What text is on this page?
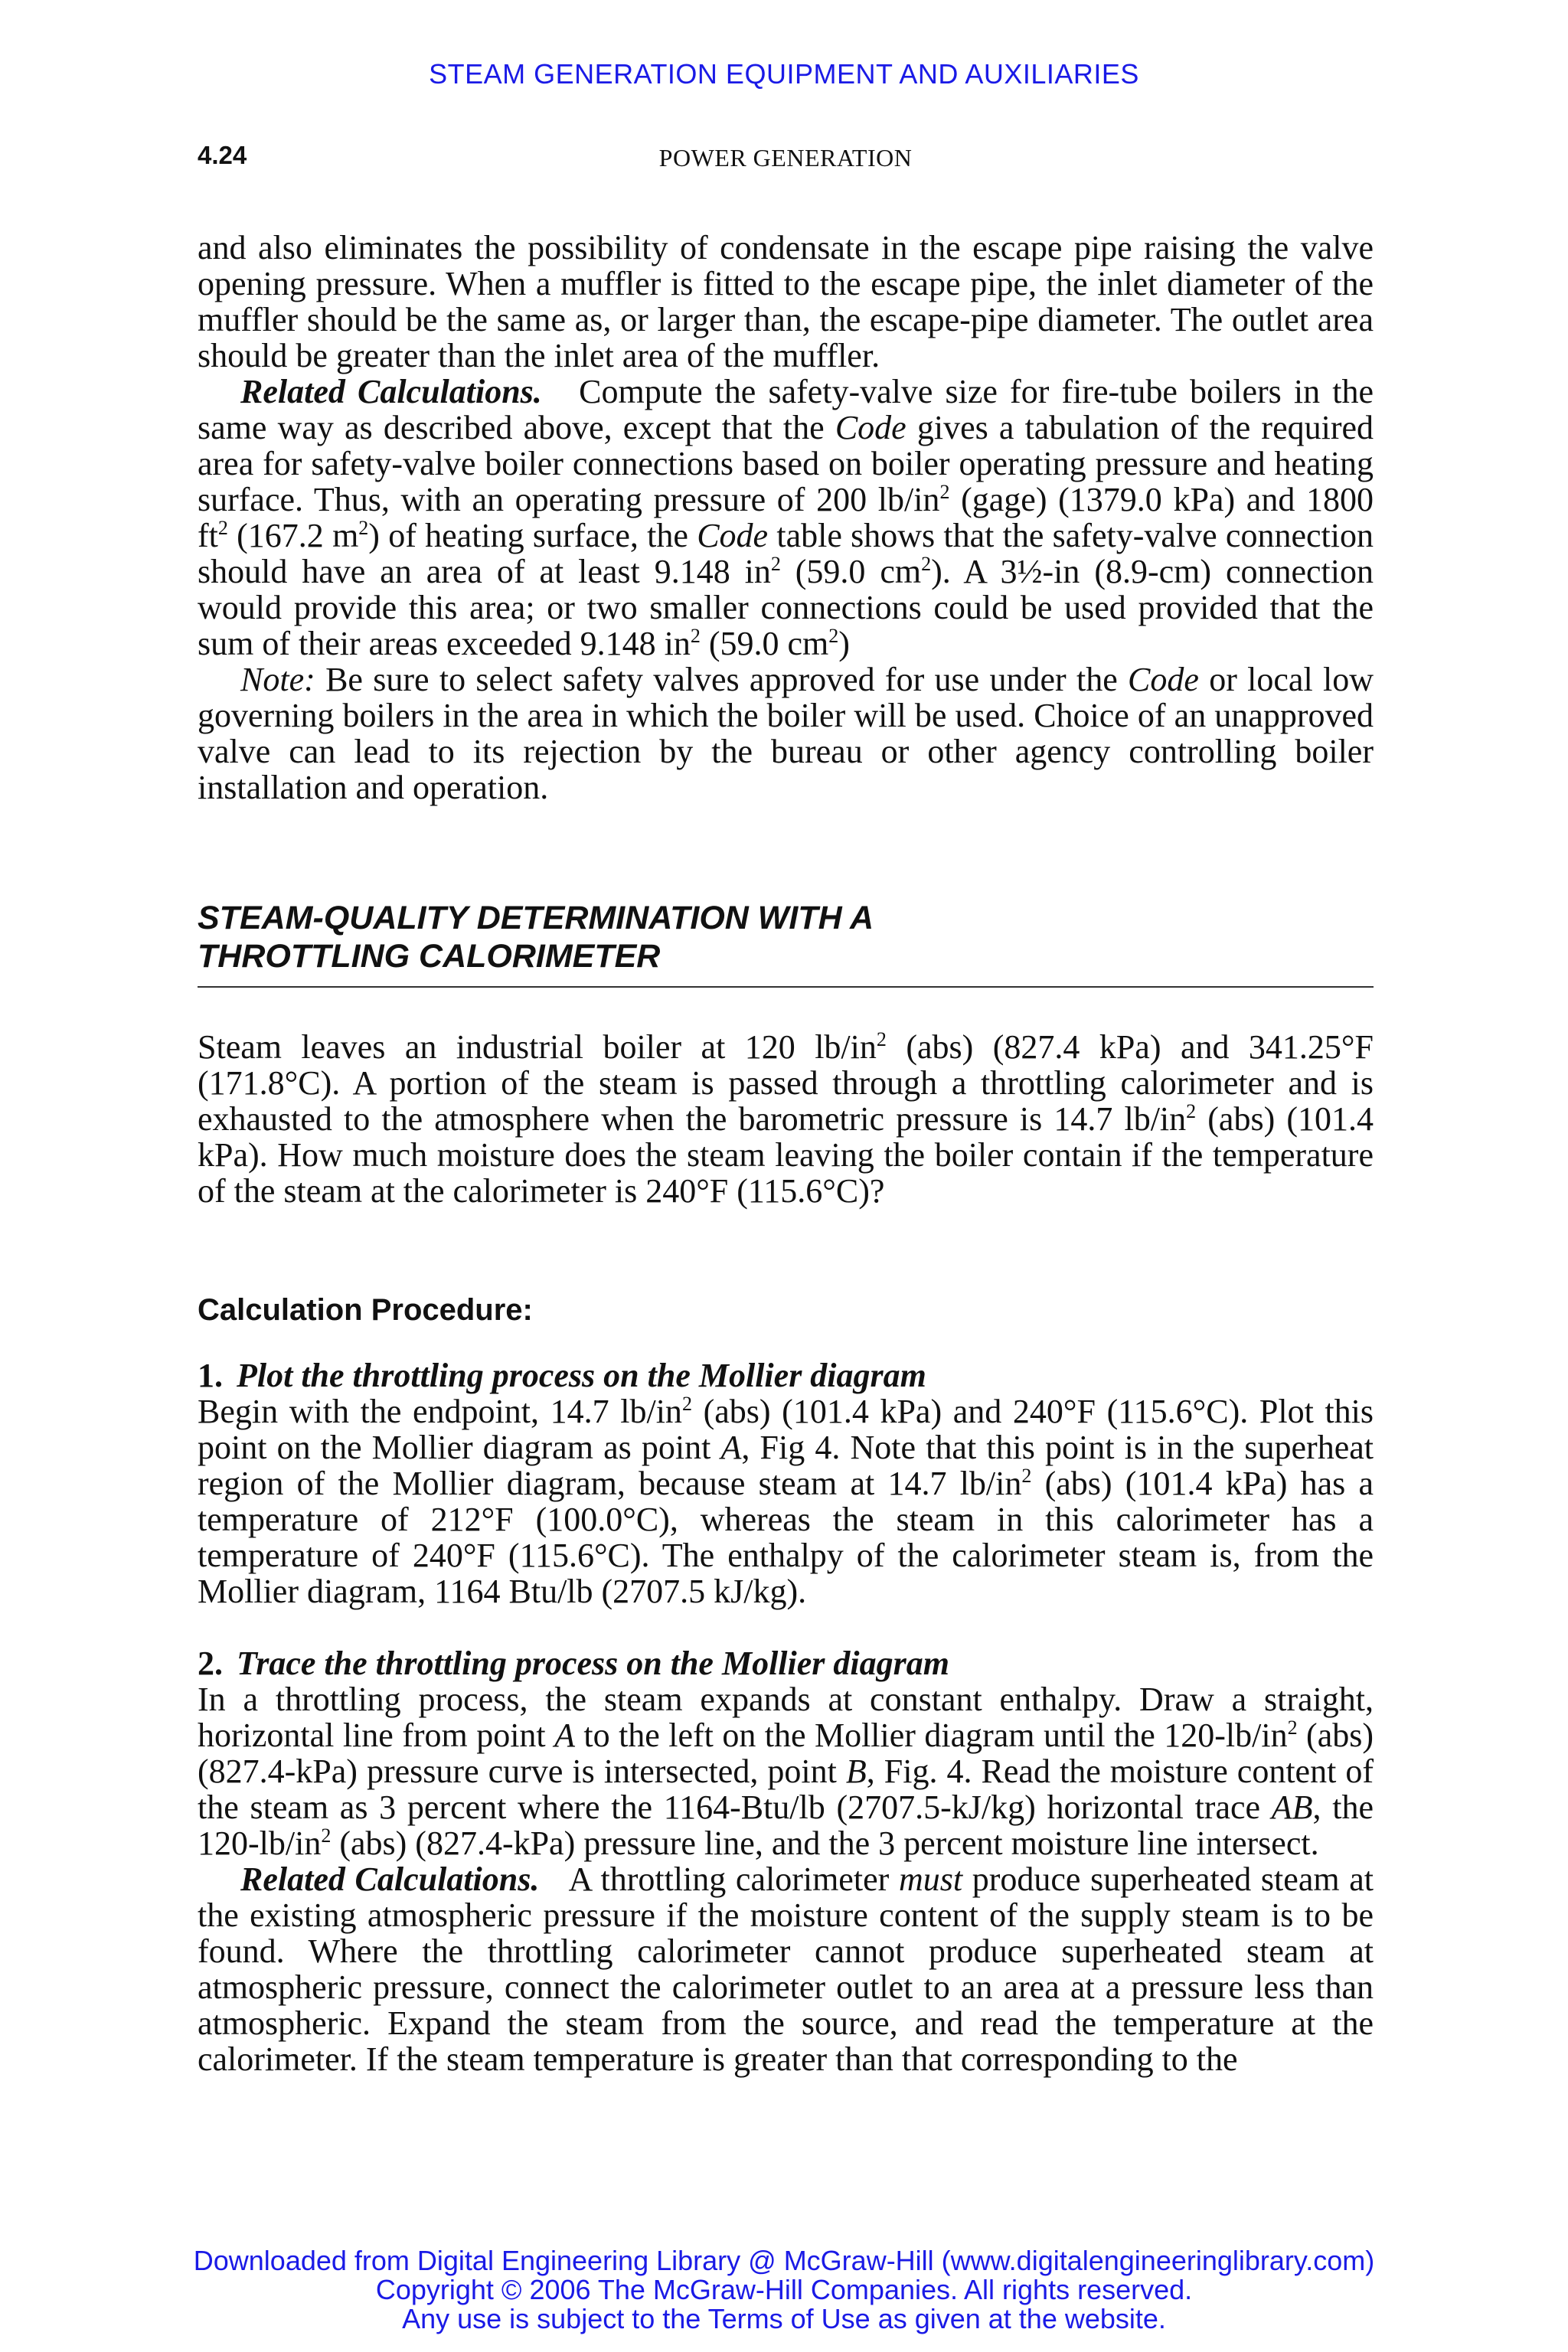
STEAM GENERATION EQUIPMENT AND AUXILIARIES
4.24	POWER GENERATION

and also eliminates the possibility of condensate in the escape pipe raising the valve opening pressure. When a muffler is fitted to the escape pipe, the inlet diameter of the muffler should be the same as, or larger than, the escape-pipe diameter. The outlet area should be greater than the inlet area of the muffler.

Related Calculations. Compute the safety-valve size for fire-tube boilers in the same way as described above, except that the Code gives a tabulation of the required area for safety-valve boiler connections based on boiler operating pressure and heating surface. Thus, with an operating pressure of 200 $lb/in^2$ (gage) (1379.0 kPa) and 1800 $ft^2$ (167.2 $m^2$) of heating surface, the Code table shows that the safety-valve connection should have an area of at least 9.148 $in^2$ (59.0 $cm^2$). A 3½-in (8.9-cm) connection would provide this area; or two smaller connections could be used provided that the sum of their areas exceeded 9.148 $in^2$ (59.0 $cm^2$)

Note: Be sure to select safety valves approved for use under the Code or local low governing boilers in the area in which the boiler will be used. Choice of an unapproved valve can lead to its rejection by the bureau or other agency controlling boiler installation and operation.

STEAM-QUALITY DETERMINATION WITH A
THROTTLING CALORIMETER

Steam leaves an industrial boiler at 120 $lb/in^2$ (abs) (827.4 kPa) and 341.25°F (171.8°C). A portion of the steam is passed through a throttling calorimeter and is exhausted to the atmosphere when the barometric pressure is 14.7 $lb/in^2$ (abs) (101.4 kPa). How much moisture does the steam leaving the boiler contain if the temperature of the steam at the calorimeter is 240°F (115.6°C)?

Calculation Procedure:
1. Plot the throttling process on the Mollier diagram

Begin with the endpoint, 14.7 $lb/in^2$ (abs) (101.4 kPa) and 240°F (115.6°C). Plot this point on the Mollier diagram as point A, Fig 4. Note that this point is in the superheat region of the Mollier diagram, because steam at 14.7 $lb/in^2$ (abs) (101.4 kPa) has a temperature of 212°F (100.0°C), whereas the steam in this calorimeter has a temperature of 240°F (115.6°C). The enthalpy of the calorimeter steam is, from the Mollier diagram, 1164 Btu/lb (2707.5 kJ/kg).

2. Trace the throttling process on the Mollier diagram

In a throttling process, the steam expands at constant enthalpy. Draw a straight, horizontal line from point A to the left on the Mollier diagram until the $120-lb/in^2$ (abs) (827.4-kPa) pressure curve is intersected, point B, Fig. 4. Read the moisture content of the steam as 3 percent where the 1164-Btu/lb (2707.5-kJ/kg) horizontal trace AB, the $120-lb/in^2$ (abs) (827.4-kPa) pressure line, and the 3 percent moisture line intersect.

Related Calculations. A throttling calorimeter must produce superheated steam at the existing atmospheric pressure if the moisture content of the supply steam is to be found. Where the throttling calorimeter cannot produce superheated steam at atmospheric pressure, connect the calorimeter outlet to an area at a pressure less than atmospheric. Expand the steam from the source, and read the temperature at the calorimeter. If the steam temperature is greater than that corresponding to the

Downloaded from Digital Engineering Library @ McGraw-Hill (www.digitalengineeringlibrary.com)
Copyright © 2006 The McGraw-Hill Companies. All rights reserved.
Any use is subject to the Terms of Use as given at the website.
